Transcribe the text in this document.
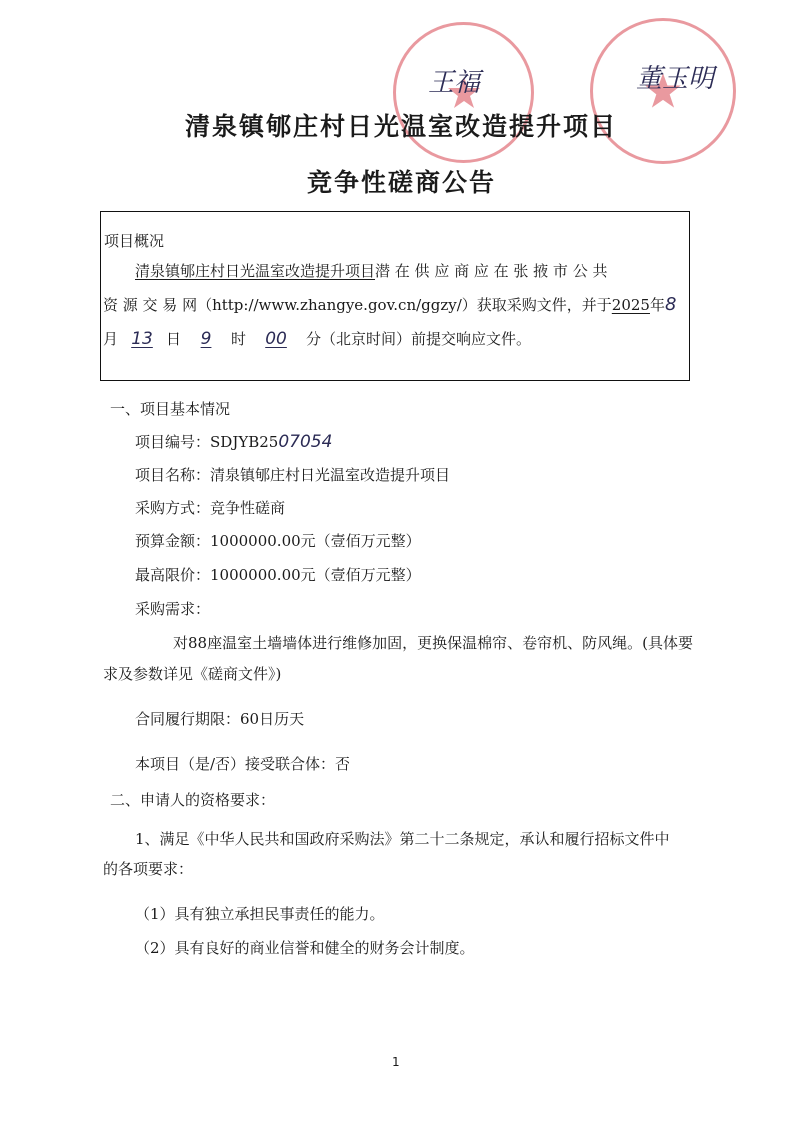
王福	董玉明
清泉镇郇庄村日光温室改造提升项目
竞争性磋商公告
项目概况
清泉镇郇庄村日光温室改造提升项目潜 在 供 应 商 应 在 张 掖 市 公 共
资 源 交 易 网（http://www.zhangye.gov.cn/ggzy/）获取采购文件，并于2025年8
月 13 日 9 时 00 分（北京时间）前提交响应文件。
一、项目基本情况
项目编号：SDJYB2507054
项目名称：清泉镇郇庄村日光温室改造提升项目
采购方式：竞争性磋商
预算金额：1000000.00元（壹佰万元整）
最高限价：1000000.00元（壹佰万元整）
采购需求：
对88座温室土墙墙体进行维修加固，更换保温棉帘、卷帘机、防风绳。(具体要
求及参数详见《磋商文件》)
合同履行期限：60日历天
本项目（是/否）接受联合体：否
二、申请人的资格要求：
1、满足《中华人民共和国政府采购法》第二十二条规定，承认和履行招标文件中
的各项要求：
（1）具有独立承担民事责任的能力。
（2）具有良好的商业信誉和健全的财务会计制度。
1
